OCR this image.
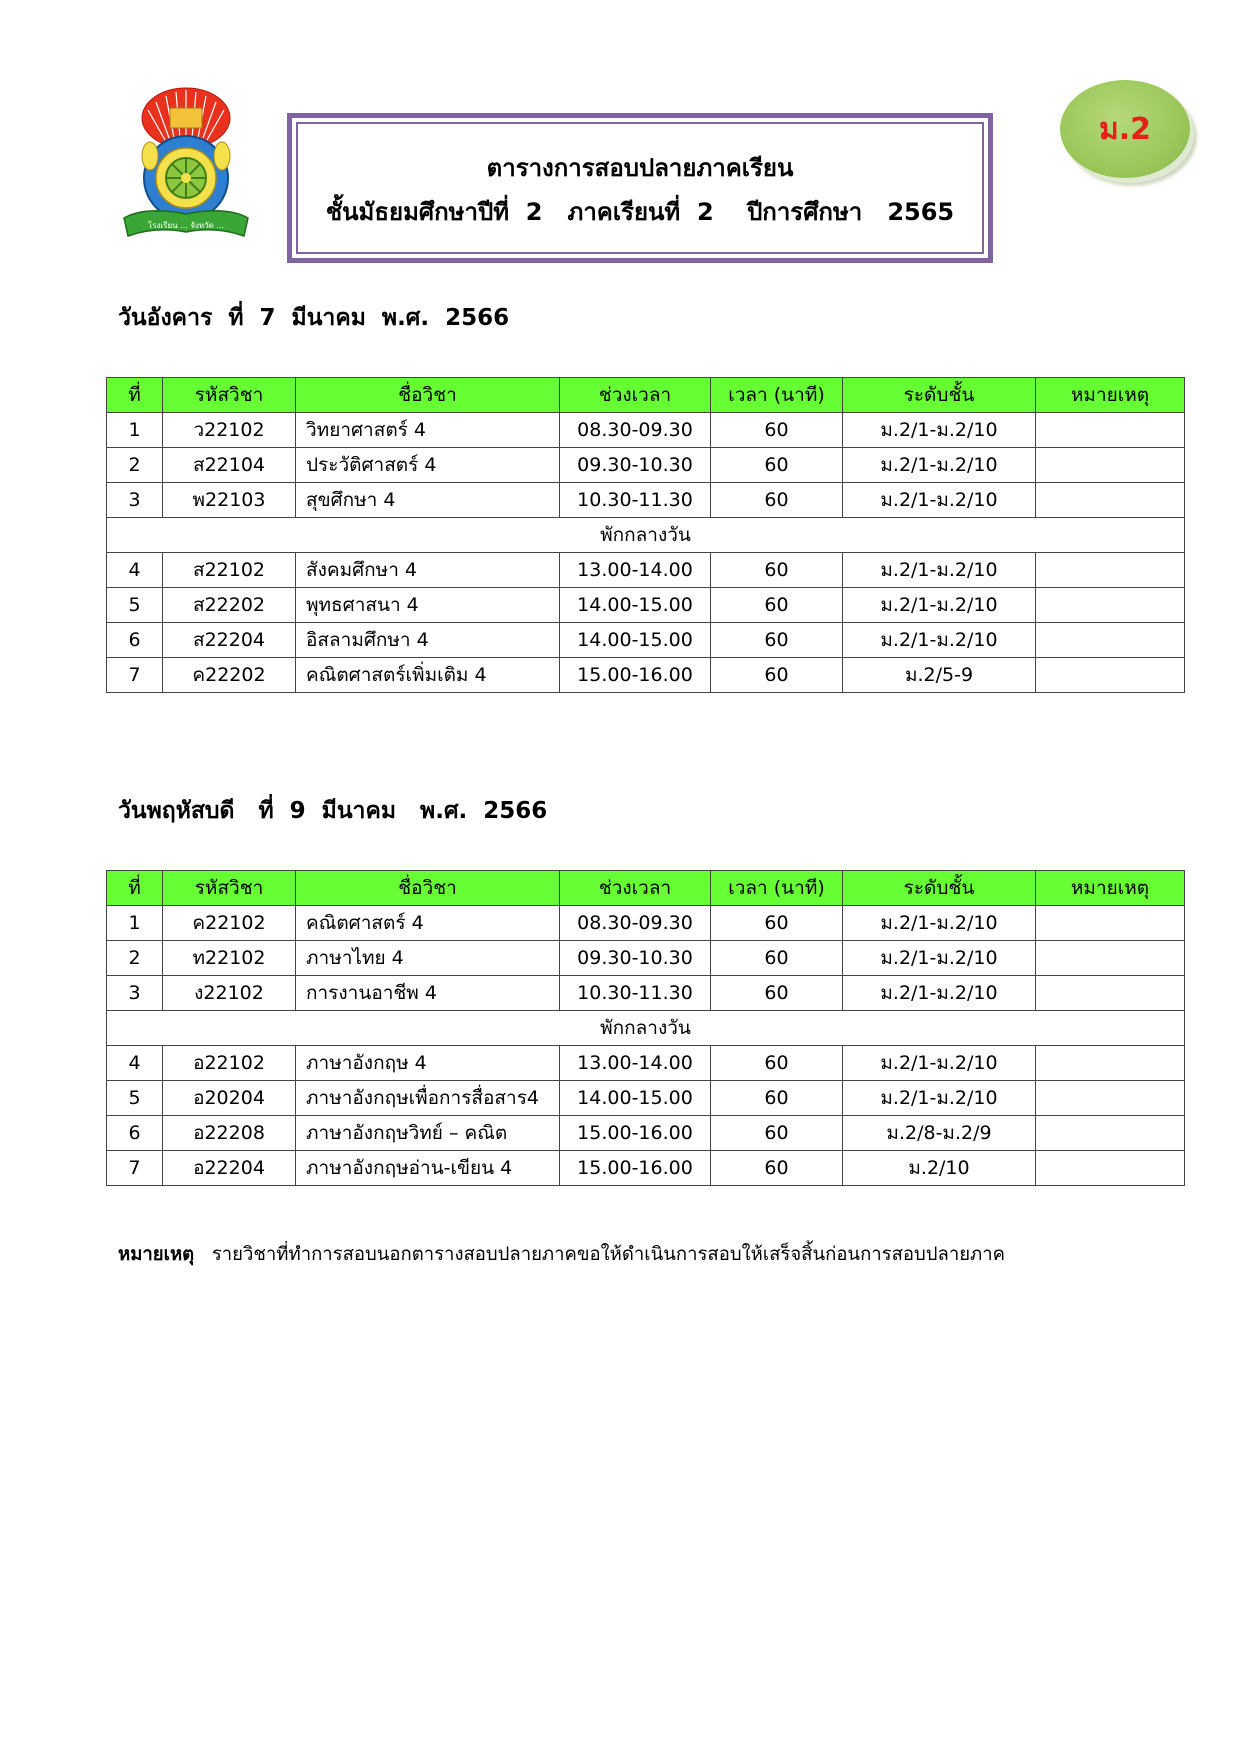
โรงเรียน ... จังหวัด ...
ตารางการสอบปลายภาคเรียน
ชั้นมัธยมศึกษาปีที่  2   ภาคเรียนที่  2    ปีการศึกษา   2565
ม.2
วันอังคาร  ที่  7  มีนาคม  พ.ศ.  2566
ที่	รหัสวิชา	ชื่อวิชา	ช่วงเวลา	เวลา (นาที)	ระดับชั้น	หมายเหตุ
1	ว22102	วิทยาศาสตร์ 4	08.30-09.30	60	ม.2/1-ม.2/10	
2	ส22104	ประวัติศาสตร์ 4	09.30-10.30	60	ม.2/1-ม.2/10	
3	พ22103	สุขศึกษา 4	10.30-11.30	60	ม.2/1-ม.2/10	
พักกลางวัน						
4	ส22102	สังคมศึกษา 4	13.00-14.00	60	ม.2/1-ม.2/10	
5	ส22202	พุทธศาสนา 4	14.00-15.00	60	ม.2/1-ม.2/10	
6	ส22204	อิสลามศึกษา 4	14.00-15.00	60	ม.2/1-ม.2/10	
7	ค22202	คณิตศาสตร์เพิ่มเติม 4	15.00-16.00	60	ม.2/5-9	
วันพฤหัสบดี   ที่  9  มีนาคม   พ.ศ.  2566
ที่	รหัสวิชา	ชื่อวิชา	ช่วงเวลา	เวลา (นาที)	ระดับชั้น	หมายเหตุ
1	ค22102	คณิตศาสตร์ 4	08.30-09.30	60	ม.2/1-ม.2/10	
2	ท22102	ภาษาไทย 4	09.30-10.30	60	ม.2/1-ม.2/10	
3	ง22102	การงานอาชีพ 4	10.30-11.30	60	ม.2/1-ม.2/10	
พักกลางวัน						
4	อ22102	ภาษาอังกฤษ 4	13.00-14.00	60	ม.2/1-ม.2/10	
5	อ20204	ภาษาอังกฤษเพื่อการสื่อสาร4	14.00-15.00	60	ม.2/1-ม.2/10	
6	อ22208	ภาษาอังกฤษวิทย์ – คณิต	15.00-16.00	60	ม.2/8-ม.2/9	
7	อ22204	ภาษาอังกฤษอ่าน-เขียน 4	15.00-16.00	60	ม.2/10	
หมายเหตุ รายวิชาที่ทำการสอบนอกตารางสอบปลายภาคขอให้ดำเนินการสอบให้เสร็จสิ้นก่อนการสอบปลายภาค
